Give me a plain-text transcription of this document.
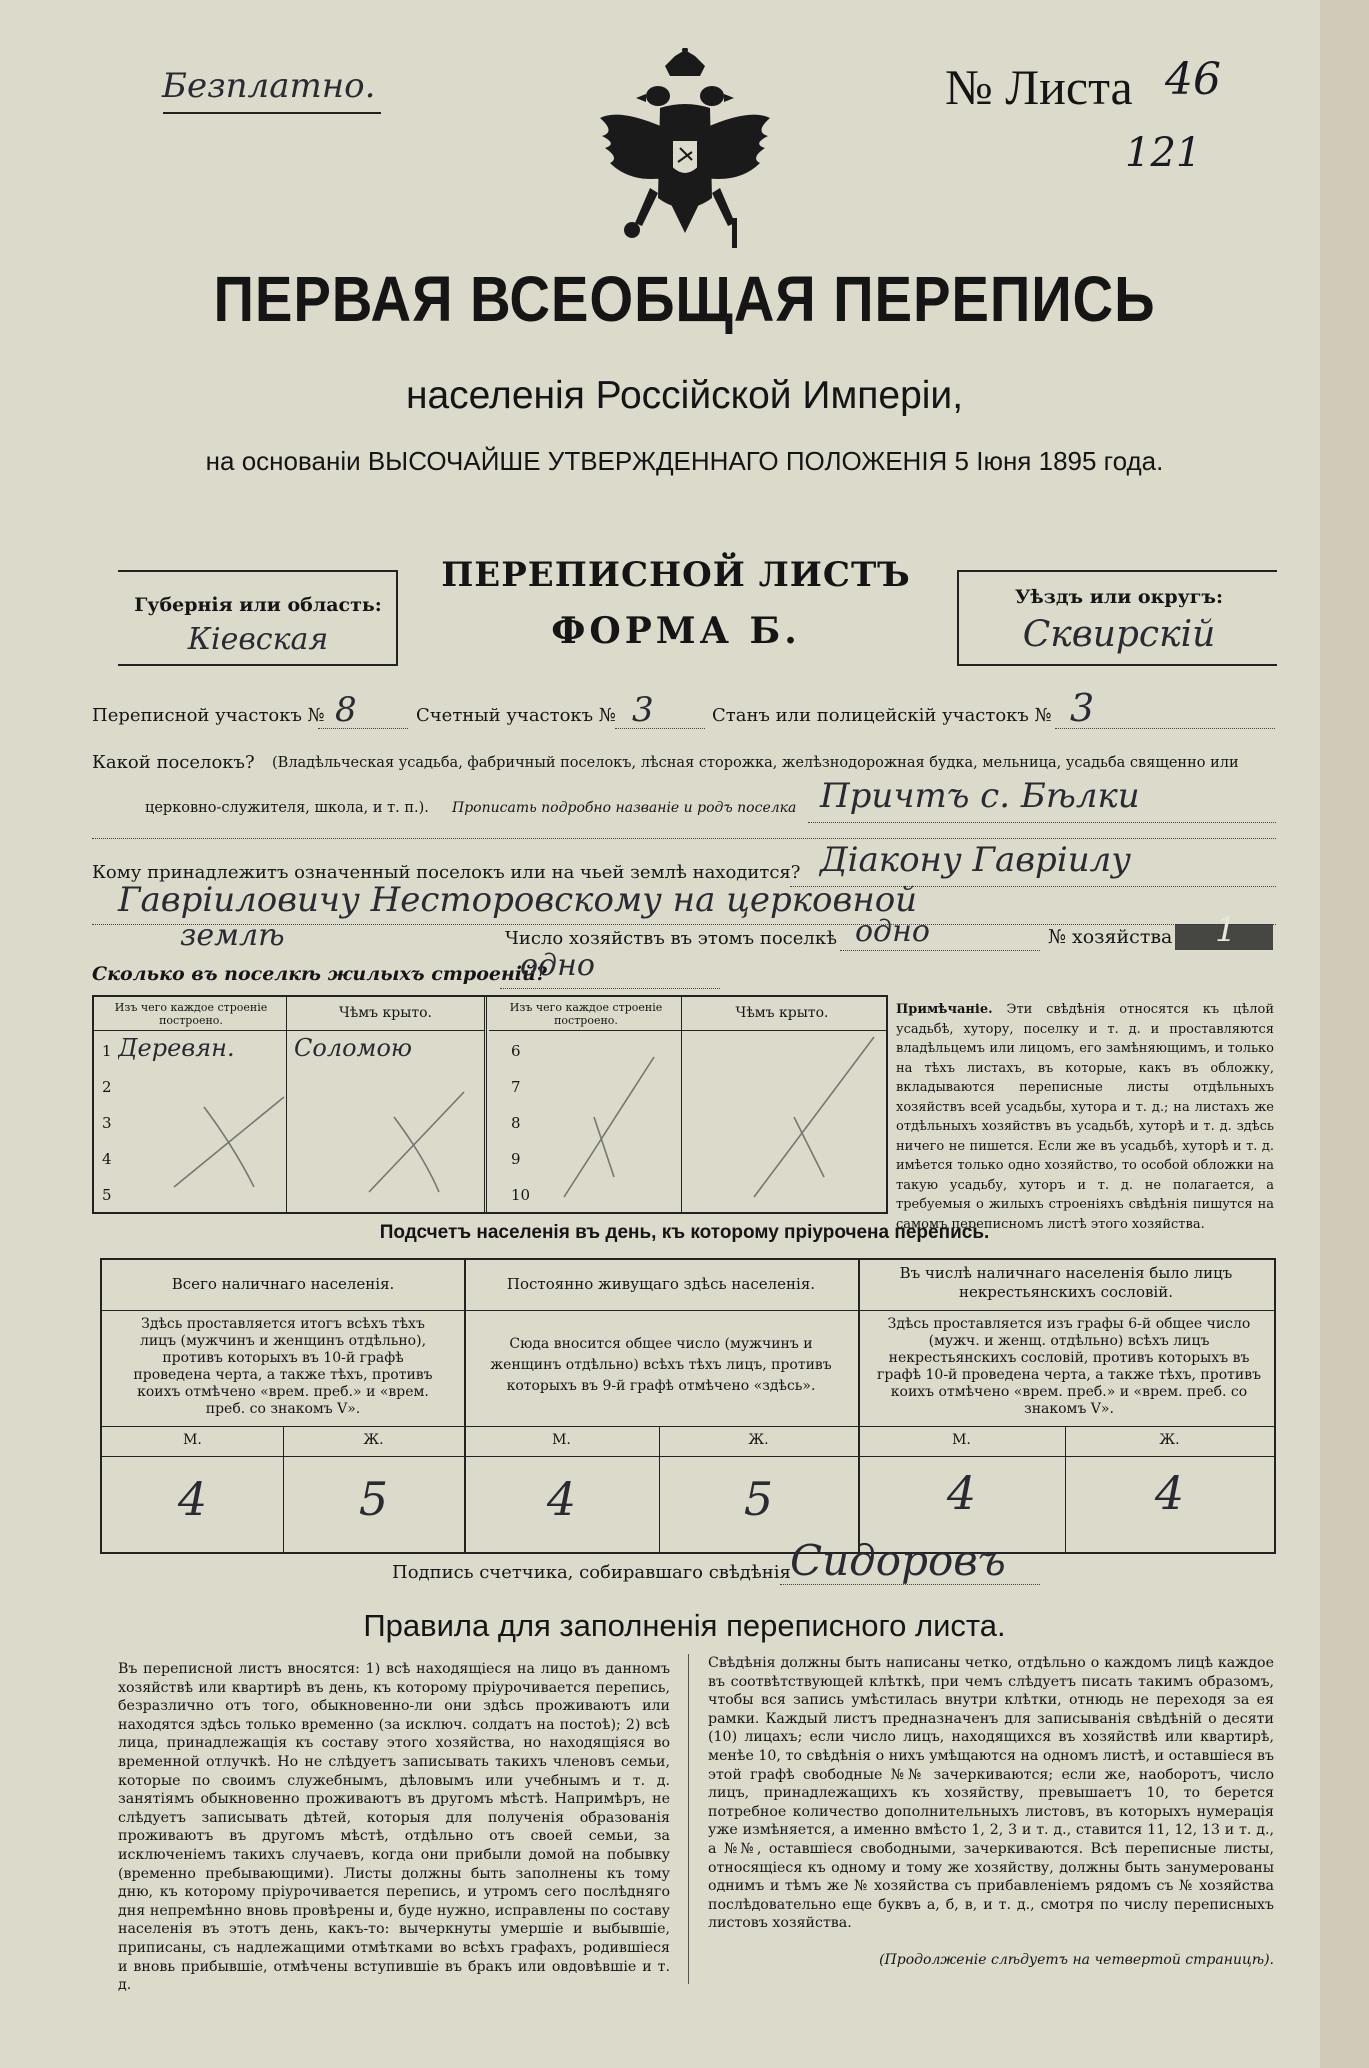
Безплатно.	№ Листа 46
121
ПЕРВАЯ ВСЕОБЩАЯ ПЕРЕПИСЬ
населенія Россійской Имперіи,
на основаніи ВЫСОЧАЙШЕ УТВЕРЖДЕННАГО ПОЛОЖЕНІЯ 5 Іюня 1895 года.
Губернія или область:
Кіевская
ПЕРЕПИСНОЙ ЛИСТЪ
ФОРМА Б.
Уѣздъ или округъ:
Сквирскій
Переписной участокъ № 8	Счетный участокъ № 3	Станъ или полицейскій участокъ № 3
Какой поселокъ? (Владѣльческая усадьба, фабричный поселокъ, лѣсная сторожка, желѣзнодорожная будка, мельница, усадьба священно или
церковно-служителя, школа, и т. п.). Прописать подробно названіе и родъ поселка Причтъ с. Бѣлки
Кому принадлежитъ означенный поселокъ или на чьей землѣ находится? Діакону Гавріилу
Гавріиловичу Несторовскому на церковной
землѣ	Число хозяйствъ въ этомъ поселкѣ одно	№ хозяйства 1
Сколько въ поселкѣ жилыхъ строеній?
одно
Изъ чего каждое строеніе построено.	Чѣмъ крыто.
1 Деревян.	Соломою
2
3
4
5
Изъ чего каждое строеніе построено.	Чѣмъ крыто.
6
7
8
9
10
Примѣчаніе. Эти свѣдѣнія относятся къ цѣлой усадьбѣ, хутору, поселку и т. д. и проставляются владѣльцемъ или лицомъ, его замѣняющимъ, и только на тѣхъ листахъ, въ которые, какъ въ обложку, вкладываются переписные листы отдѣльныхъ хозяйствъ всей усадьбы, хутора и т. д.; на листахъ же отдѣльныхъ хозяйствъ въ усадьбѣ, хуторѣ и т. д. здѣсь ничего не пишется. Если же въ усадьбѣ, хуторѣ и т. д. имѣется только одно хозяйство, то особой обложки на такую усадьбу, хуторъ и т. д. не полагается, а требуемыя о жилыхъ строеніяхъ свѣдѣнія пишутся на самомъ переписномъ листѣ этого хозяйства.
Подсчетъ населенія въ день, къ которому пріурочена перепись.
Всего наличнаго населенія.	Постоянно живущаго здѣсь населенія.
Въ числѣ наличнаго населенія было лицъ некрестьянскихъ сословій.
Здѣсь проставляется итогъ всѣхъ тѣхъ лицъ (мужчинъ и женщинъ отдѣльно), противъ которыхъ въ 10-й графѣ проведена черта, а также тѣхъ, противъ коихъ отмѣчено «врем. преб.» и «врем. преб. со знакомъ V».
Сюда вносится общее число (мужчинъ и женщинъ отдѣльно) всѣхъ тѣхъ лицъ, противъ которыхъ въ 9-й графѣ отмѣчено «здѣсь».
Здѣсь проставляется изъ графы 6-й общее число (мужч. и женщ. отдѣльно) всѣхъ лицъ некрестьянскихъ сословій, противъ которыхъ въ графѣ 10-й проведена черта, а также тѣхъ, противъ коихъ отмѣчено «врем. преб.» и «врем. преб. со знакомъ V».
М.	Ж.	М.	Ж.	М.	Ж.
4	5	4	5	4	4
Подпись счетчика, собиравшаго свѣдѣнія Сидоровъ
Правила для заполненія переписного листа.
Въ переписной листъ вносятся: 1) всѣ находящіеся на лицо въ данномъ хозяйствѣ или квартирѣ въ день, къ которому пріурочивается перепись, безразлично отъ того, обыкновенно-ли они здѣсь проживаютъ или находятся здѣсь только временно (за исключ. солдатъ на постоѣ); 2) всѣ лица, принадлежащія къ составу этого хозяйства, но находящіяся во временной отлучкѣ. Но не слѣдуетъ записывать такихъ членовъ семьи, которые по своимъ служебнымъ, дѣловымъ или учебнымъ и т. д. занятіямъ обыкновенно проживаютъ въ другомъ мѣстѣ. Напримѣръ, не слѣдуетъ записывать дѣтей, которыя для полученія образованія проживаютъ въ другомъ мѣстѣ, отдѣльно отъ своей семьи, за исключеніемъ такихъ случаевъ, когда они прибыли домой на побывку (временно пребывающими). Листы должны быть заполнены къ тому дню, къ которому пріурочивается перепись, и утромъ сего послѣдняго дня непремѣнно вновь провѣрены и, буде нужно, исправлены по составу населенія въ этотъ день, какъ-то: вычеркнуты умершіе и выбывшіе, приписаны, съ надлежащими отмѣтками во всѣхъ графахъ, родившіеся и вновь прибывшіе, отмѣчены вступившіе въ бракъ или овдовѣвшіе и т. д.
Свѣдѣнія должны быть написаны четко, отдѣльно о каждомъ лицѣ каждое въ соотвѣтствующей клѣткѣ, при чемъ слѣдуетъ писать такимъ образомъ, чтобы вся запись умѣстилась внутри клѣтки, отнюдь не переходя за ея рамки. Каждый листъ предназначенъ для записыванія свѣдѣній о десяти (10) лицахъ; если число лицъ, находящихся въ хозяйствѣ или квартирѣ, менѣе 10, то свѣдѣнія о нихъ умѣщаются на одномъ листѣ, и оставшіеся въ этой графѣ свободные №№ зачеркиваются; если же, наоборотъ, число лицъ, принадлежащихъ къ хозяйству, превышаетъ 10, то берется потребное количество дополнительныхъ листовъ, въ которыхъ нумерація уже измѣняется, а именно вмѣсто 1, 2, 3 и т. д., ставится 11, 12, 13 и т. д., а №№, оставшіеся свободными, зачеркиваются. Всѣ переписные листы, относящіеся къ одному и тому же хозяйству, должны быть занумерованы однимъ и тѣмъ же № хозяйства съ прибавленіемъ рядомъ съ № хозяйства послѣдовательно еще буквъ а, б, в, и т. д., смотря по числу переписныхъ листовъ хозяйства.
(Продолженіе слѣдуетъ на четвертой страницѣ).
